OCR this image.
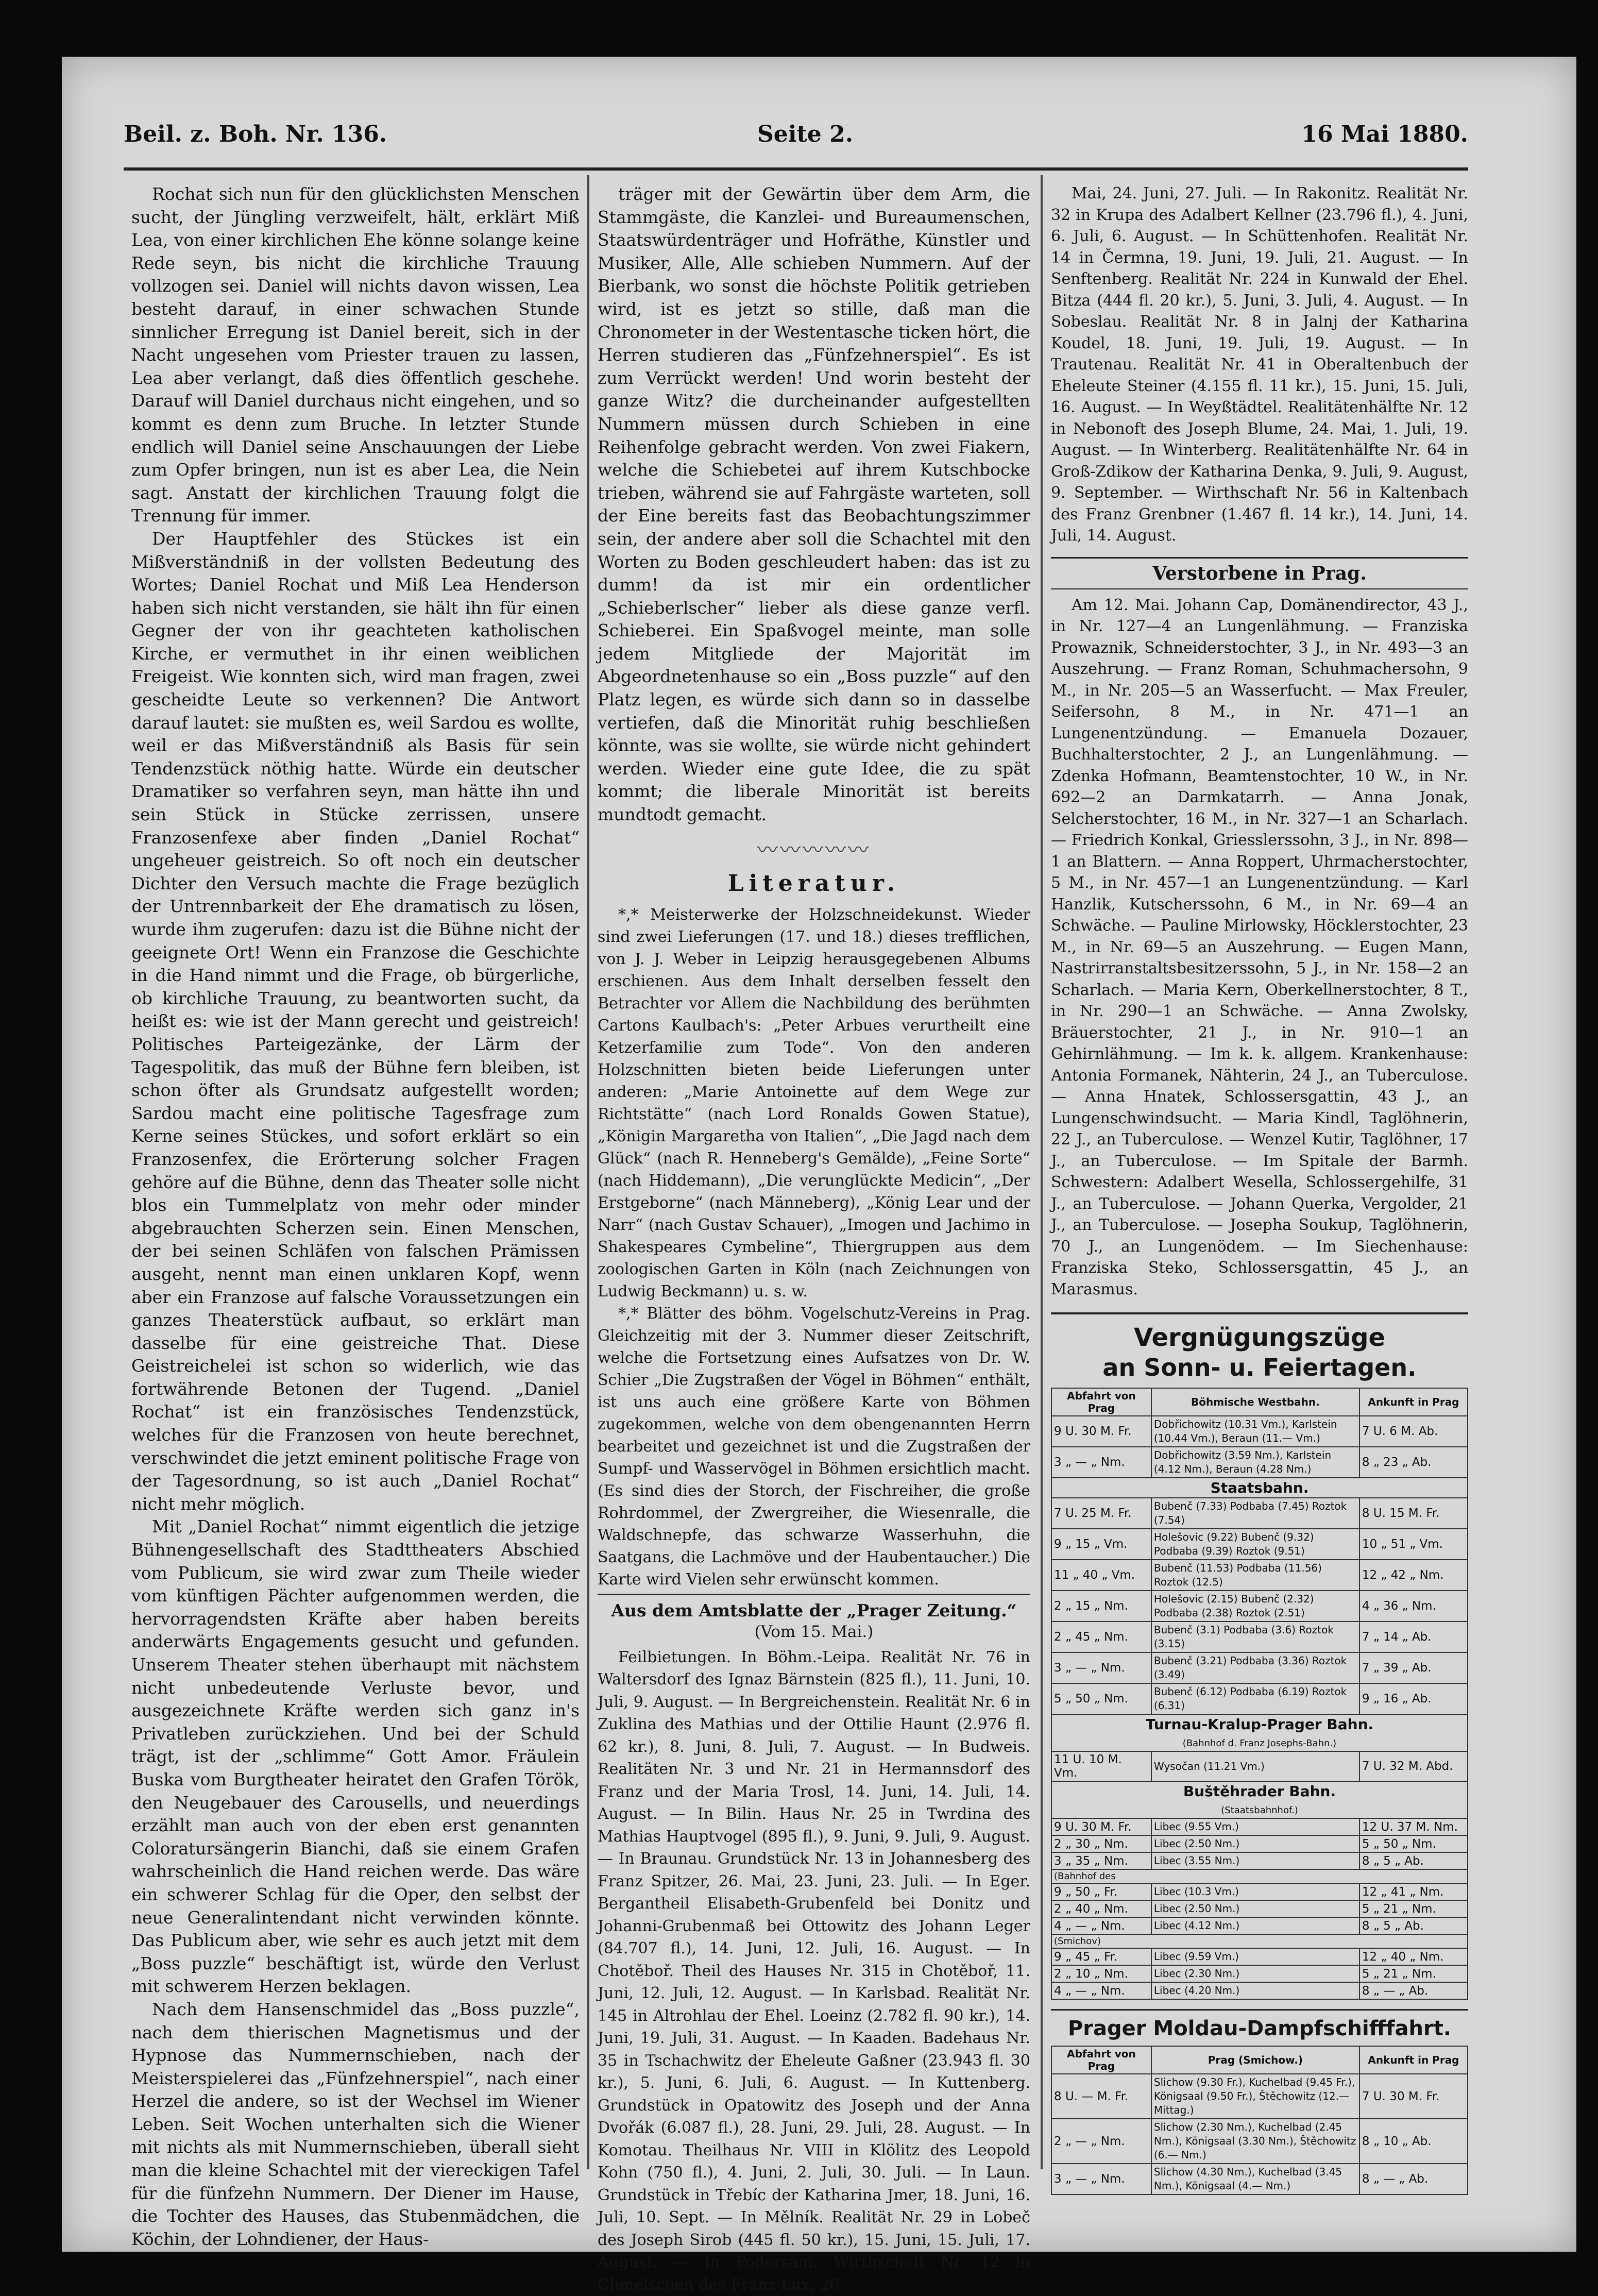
Beil. z. Boh. Nr. 136.	Seite 2.	16 Mai 1880.

Rochat sich nun für den glücklichsten Menschen sucht, der Jüngling verzweifelt, hält, erklärt Miß Lea, von einer kirchlichen Ehe könne solange keine Rede seyn, bis nicht die kirchliche Trauung vollzogen sei. Daniel will nichts davon wissen, Lea besteht darauf, in einer schwachen Stunde sinnlicher Erregung ist Daniel bereit, sich in der Nacht ungesehen vom Priester trauen zu lassen, Lea aber verlangt, daß dies öffentlich geschehe. Darauf will Daniel durchaus nicht eingehen, und so kommt es denn zum Bruche. In letzter Stunde endlich will Daniel seine Anschauungen der Liebe zum Opfer bringen, nun ist es aber Lea, die Nein sagt. Anstatt der kirchlichen Trauung folgt die Trennung für immer.

Der Hauptfehler des Stückes ist ein Mißverständniß in der vollsten Bedeutung des Wortes; Daniel Rochat und Miß Lea Henderson haben sich nicht verstanden, sie hält ihn für einen Gegner der von ihr geachteten katholischen Kirche, er vermuthet in ihr einen weiblichen Freigeist. Wie konnten sich, wird man fragen, zwei gescheidte Leute so verkennen? Die Antwort darauf lautet: sie mußten es, weil Sardou es wollte, weil er das Mißverständniß als Basis für sein Tendenzstück nöthig hatte. Würde ein deutscher Dramatiker so verfahren seyn, man hätte ihn und sein Stück in Stücke zerrissen, unsere Franzosenfexe aber finden „Daniel Rochat“ ungeheuer geistreich. So oft noch ein deutscher Dichter den Versuch machte die Frage bezüglich der Untrennbarkeit der Ehe dramatisch zu lösen, wurde ihm zugerufen: dazu ist die Bühne nicht der geeignete Ort! Wenn ein Franzose die Geschichte in die Hand nimmt und die Frage, ob bürgerliche, ob kirchliche Trauung, zu beantworten sucht, da heißt es: wie ist der Mann gerecht und geistreich! Politisches Parteigezänke, der Lärm der Tagespolitik, das muß der Bühne fern bleiben, ist schon öfter als Grundsatz aufgestellt worden; Sardou macht eine politische Tagesfrage zum Kerne seines Stückes, und sofort erklärt so ein Franzosenfex, die Erörterung solcher Fragen gehöre auf die Bühne, denn das Theater solle nicht blos ein Tummelplatz von mehr oder minder abgebrauchten Scherzen sein. Einen Menschen, der bei seinen Schläfen von falschen Prämissen ausgeht, nennt man einen unklaren Kopf, wenn aber ein Franzose auf falsche Voraussetzungen ein ganzes Theaterstück aufbaut, so erklärt man dasselbe für eine geistreiche That. Diese Geistreichelei ist schon so widerlich, wie das fortwährende Betonen der Tugend. „Daniel Rochat“ ist ein französisches Tendenzstück, welches für die Franzosen von heute berechnet, verschwindet die jetzt eminent politische Frage von der Tagesordnung, so ist auch „Daniel Rochat“ nicht mehr möglich.

Mit „Daniel Rochat“ nimmt eigentlich die jetzige Bühnengesellschaft des Stadttheaters Abschied vom Publicum, sie wird zwar zum Theile wieder vom künftigen Pächter aufgenommen werden, die hervorragendsten Kräfte aber haben bereits anderwärts Engagements gesucht und gefunden. Unserem Theater stehen überhaupt mit nächstem nicht unbedeutende Verluste bevor, und ausgezeichnete Kräfte werden sich ganz in's Privatleben zurückziehen. Und bei der Schuld trägt, ist der „schlimme“ Gott Amor. Fräulein Buska vom Burgtheater heiratet den Grafen Török, den Neugebauer des Carousells, und neuerdings erzählt man auch von der eben erst genannten Coloratursängerin Bianchi, daß sie einem Grafen wahrscheinlich die Hand reichen werde. Das wäre ein schwerer Schlag für die Oper, den selbst der neue Generalintendant nicht verwinden könnte. Das Publicum aber, wie sehr es auch jetzt mit dem „Boss puzzle“ beschäftigt ist, würde den Verlust mit schwerem Herzen beklagen.

Nach dem Hansenschmidel das „Boss puzzle“, nach dem thierischen Magnetismus und der Hypnose das Nummernschieben, nach der Meisterspielerei das „Fünfzehnerspiel“, nach einer Herzel die andere, so ist der Wechsel im Wiener Leben. Seit Wochen unterhalten sich die Wiener mit nichts als mit Nummernschieben, überall sieht man die kleine Schachtel mit der viereckigen Tafel für die fünfzehn Nummern. Der Diener im Hause, die Tochter des Hauses, das Stubenmädchen, die Köchin, der Lohndiener, der Haus-

träger mit der Gewärtin über dem Arm, die Stammgäste, die Kanzlei- und Bureaumenschen, Staatswürdenträger und Hofräthe, Künstler und Musiker, Alle, Alle schieben Nummern. Auf der Bierbank, wo sonst die höchste Politik getrieben wird, ist es jetzt so stille, daß man die Chronometer in der Westentasche ticken hört, die Herren studieren das „Fünfzehnerspiel“. Es ist zum Verrückt werden! Und worin besteht der ganze Witz? die durcheinander aufgestellten Nummern müssen durch Schieben in eine Reihenfolge gebracht werden. Von zwei Fiakern, welche die Schiebetei auf ihrem Kutschbocke trieben, während sie auf Fahrgäste warteten, soll der Eine bereits fast das Beobachtungszimmer sein, der andere aber soll die Schachtel mit den Worten zu Boden geschleudert haben: das ist zu dumm! da ist mir ein ordentlicher „Schieberlscher“ lieber als diese ganze verfl. Schieberei. Ein Spaßvogel meinte, man solle jedem Mitgliede der Majorität im Abgeordnetenhause so ein „Boss puzzle“ auf den Platz legen, es würde sich dann so in dasselbe vertiefen, daß die Minorität ruhig beschließen könnte, was sie wollte, sie würde nicht gehindert werden. Wieder eine gute Idee, die zu spät kommt; die liberale Minorität ist bereits mundtodt gemacht.

〰〰〰〰〰
Literatur.

*,* Meisterwerke der Holzschneidekunst. Wieder sind zwei Lieferungen (17. und 18.) dieses trefflichen, von J. J. Weber in Leipzig herausgegebenen Albums erschienen. Aus dem Inhalt derselben fesselt den Betrachter vor Allem die Nachbildung des berühmten Cartons Kaulbach's: „Peter Arbues verurtheilt eine Ketzerfamilie zum Tode“. Von den anderen Holzschnitten bieten beide Lieferungen unter anderen: „Marie Antoinette auf dem Wege zur Richtstätte“ (nach Lord Ronalds Gowen Statue), „Königin Margaretha von Italien“, „Die Jagd nach dem Glück“ (nach R. Henneberg's Gemälde), „Feine Sorte“ (nach Hiddemann), „Die verunglückte Medicin“, „Der Erstgeborne“ (nach Männeberg), „König Lear und der Narr“ (nach Gustav Schauer), „Imogen und Jachimo in Shakespeares Cymbeline“, Thiergruppen aus dem zoologischen Garten in Köln (nach Zeichnungen von Ludwig Beckmann) u. s. w.

*,* Blätter des böhm. Vogelschutz-Vereins in Prag. Gleichzeitig mit der 3. Nummer dieser Zeitschrift, welche die Fortsetzung eines Aufsatzes von Dr. W. Schier „Die Zugstraßen der Vögel in Böhmen“ enthält, ist uns auch eine größere Karte von Böhmen zugekommen, welche von dem obengenannten Herrn bearbeitet und gezeichnet ist und die Zugstraßen der Sumpf- und Wasservögel in Böhmen ersichtlich macht. (Es sind dies der Storch, der Fischreiher, die große Rohrdommel, der Zwergreiher, die Wiesenralle, die Waldschnepfe, das schwarze Wasserhuhn, die Saatgans, die Lachmöve und der Haubentaucher.) Die Karte wird Vielen sehr erwünscht kommen.

Aus dem Amtsblatte der „Prager Zeitung.“
(Vom 15. Mai.)

Feilbietungen. In Böhm.-Leipa. Realität Nr. 76 in Waltersdorf des Ignaz Bärnstein (825 fl.), 11. Juni, 10. Juli, 9. August. — In Bergreichenstein. Realität Nr. 6 in Zuklina des Mathias und der Ottilie Haunt (2.976 fl. 62 kr.), 8. Juni, 8. Juli, 7. August. — In Budweis. Realitäten Nr. 3 und Nr. 21 in Hermannsdorf des Franz und der Maria Trosl, 14. Juni, 14. Juli, 14. August. — In Bilin. Haus Nr. 25 in Twrdina des Mathias Hauptvogel (895 fl.), 9. Juni, 9. Juli, 9. August. — In Braunau. Grundstück Nr. 13 in Johannesberg des Franz Spitzer, 26. Mai, 23. Juni, 23. Juli. — In Eger. Bergantheil Elisabeth-Grubenfeld bei Donitz und Johanni-Grubenmaß bei Ottowitz des Johann Leger (84.707 fl.), 14. Juni, 12. Juli, 16. August. — In Chotěboř. Theil des Hauses Nr. 315 in Chotěboř, 11. Juni, 12. Juli, 12. August. — In Karlsbad. Realität Nr. 145 in Altrohlau der Ehel. Loeinz (2.782 fl. 90 kr.), 14. Juni, 19. Juli, 31. August. — In Kaaden. Badehaus Nr. 35 in Tschachwitz der Eheleute Gaßner (23.943 fl. 30 kr.), 5. Juni, 6. Juli, 6. August. — In Kuttenberg. Grundstück in Opatowitz des Joseph und der Anna Dvořák (6.087 fl.), 28. Juni, 29. Juli, 28. August. — In Komotau. Theilhaus Nr. VIII in Klölitz des Leopold Kohn (750 fl.), 4. Juni, 2. Juli, 30. Juli. — In Laun. Grundstück in Třebíc der Katharina Jmer, 18. Juni, 16. Juli, 10. Sept. — In Mělník. Realität Nr. 29 in Lobeč des Joseph Sirob (445 fl. 50 kr.), 15. Juni, 15. Juli, 17. August. — In Podersam. Wirthschaft Nr. 12 in Chmelschen des Franz Lux, 26.

Mai, 24. Juni, 27. Juli. — In Rakonitz. Realität Nr. 32 in Krupa des Adalbert Kellner (23.796 fl.), 4. Juni, 6. Juli, 6. August. — In Schüttenhofen. Realität Nr. 14 in Čermna, 19. Juni, 19. Juli, 21. August. — In Senftenberg. Realität Nr. 224 in Kunwald der Ehel. Bitza (444 fl. 20 kr.), 5. Juni, 3. Juli, 4. August. — In Sobeslau. Realität Nr. 8 in Jalnj der Katharina Koudel, 18. Juni, 19. Juli, 19. August. — In Trautenau. Realität Nr. 41 in Oberaltenbuch der Eheleute Steiner (4.155 fl. 11 kr.), 15. Juni, 15. Juli, 16. August. — In Weyßtädtel. Realitätenhälfte Nr. 12 in Nebonoft des Joseph Blume, 24. Mai, 1. Juli, 19. August. — In Winterberg. Realitätenhälfte Nr. 64 in Groß-Zdikow der Katharina Denka, 9. Juli, 9. August, 9. September. — Wirthschaft Nr. 56 in Kaltenbach des Franz Grenbner (1.467 fl. 14 kr.), 14. Juni, 14. Juli, 14. August.

Verstorbene in Prag.

Am 12. Mai. Johann Cap, Domänendirector, 43 J., in Nr. 127—4 an Lungenlähmung. — Franziska Prowaznik, Schneiderstochter, 3 J., in Nr. 493—3 an Auszehrung. — Franz Roman, Schuhmachersohn, 9 M., in Nr. 205—5 an Wasserfucht. — Max Freuler, Seifersohn, 8 M., in Nr. 471—1 an Lungenentzündung. — Emanuela Dozauer, Buchhalterstochter, 2 J., an Lungenlähmung. — Zdenka Hofmann, Beamtenstochter, 10 W., in Nr. 692—2 an Darmkatarrh. — Anna Jonak, Selcherstochter, 16 M., in Nr. 327—1 an Scharlach. — Friedrich Konkal, Griesslerssohn, 3 J., in Nr. 898—1 an Blattern. — Anna Roppert, Uhrmacherstochter, 5 M., in Nr. 457—1 an Lungenentzündung. — Karl Hanzlik, Kutscherssohn, 6 M., in Nr. 69—4 an Schwäche. — Pauline Mirlowsky, Höcklerstochter, 23 M., in Nr. 69—5 an Auszehrung. — Eugen Mann, Nastrirranstaltsbesitzerssohn, 5 J., in Nr. 158—2 an Scharlach. — Maria Kern, Oberkellnerstochter, 8 T., in Nr. 290—1 an Schwäche. — Anna Zwolsky, Bräuerstochter, 21 J., in Nr. 910—1 an Gehirnlähmung. — Im k. k. allgem. Krankenhause: Antonia Formanek, Nähterin, 24 J., an Tuberculose. — Anna Hnatek, Schlossersgattin, 43 J., an Lungenschwindsucht. — Maria Kindl, Taglöhnerin, 22 J., an Tuberculose. — Wenzel Kutir, Taglöhner, 17 J., an Tuberculose. — Im Spitale der Barmh. Schwestern: Adalbert Wesella, Schlossergehilfe, 31 J., an Tuberculose. — Johann Querka, Vergolder, 21 J., an Tuberculose. — Josepha Soukup, Taglöhnerin, 70 J., an Lungenödem. — Im Siechenhause: Franziska Steko, Schlossersgattin, 45 J., an Marasmus.

Vergnügungszüge
an Sonn- u. Feiertagen.
Abfahrt von Prag	Böhmische Westbahn.	Ankunft in Prag
9 U. 30 M. Fr.	Dobřichowitz (10.31 Vm.), Karlstein (10.44 Vm.), Beraun (11.— Vm.)	7 U. 6 M. Ab.
3 „ — „ Nm.	Dobřichowitz (3.59 Nm.), Karlstein (4.12 Nm.), Beraun (4.28 Nm.)	8 „ 23 „ Ab.
Staatsbahn.		
7 U. 25 M. Fr.	Bubenč (7.33) Podbaba (7.45) Roztok (7.54)	8 U. 15 M. Fr.
9 „ 15 „ Vm.	Holešovic (9.22) Bubenč (9.32) Podbaba (9.39) Roztok (9.51)	10 „ 51 „ Vm.
11 „ 40 „ Vm.	Bubenč (11.53) Podbaba (11.56) Roztok (12.5)	12 „ 42 „ Nm.
2 „ 15 „ Nm.	Holešovic (2.15) Bubenč (2.32) Podbaba (2.38) Roztok (2.51)	4 „ 36 „ Nm.
2 „ 45 „ Nm.	Bubenč (3.1) Podbaba (3.6) Roztok (3.15)	7 „ 14 „ Ab.
3 „ — „ Nm.	Bubenč (3.21) Podbaba (3.36) Roztok (3.49)	7 „ 39 „ Ab.
5 „ 50 „ Nm.	Bubenč (6.12) Podbaba (6.19) Roztok (6.31)	9 „ 16 „ Ab.
Turnau-Kralup-Prager Bahn.
(Bahnhof d. Franz Josephs-Bahn.)		
11 U. 10 M. Vm.	Wysočan (11.21 Vm.)	7 U. 32 M. Abd.
Buštěhrader Bahn.
(Staatsbahnhof.)		
9 U. 30 M. Fr.	Libec (9.55 Vm.)	12 U. 37 M. Nm.
2 „ 30 „ Nm.	Libec (2.50 Nm.)	5 „ 50 „ Nm.
3 „ 35 „ Nm.	Libec (3.55 Nm.)	8 „ 5 „ Ab.
(Bahnhof des		
9 „ 50 „ Fr.	Libec (10.3 Vm.)	12 „ 41 „ Nm.
2 „ 40 „ Nm.	Libec (2.50 Nm.)	5 „ 21 „ Nm.
4 „ — „ Nm.	Libec (4.12 Nm.)	8 „ 5 „ Ab.
(Smichov)		
9 „ 45 „ Fr.	Libec (9.59 Vm.)	12 „ 40 „ Nm.
2 „ 10 „ Nm.	Libec (2.30 Nm.)	5 „ 21 „ Nm.
4 „ — „ Nm.	Libec (4.20 Nm.)	8 „ — „ Ab.
Prager Moldau-Dampfschifffahrt.
Abfahrt von Prag	Prag (Smichow.)	Ankunft in Prag
8 U. — M. Fr.	Slichow (9.30 Fr.), Kuchelbad (9.45 Fr.), Königsaal (9.50 Fr.), Štěchowitz (12.— Mittag.)	7 U. 30 M. Fr.
2 „ — „ Nm.	Slichow (2.30 Nm.), Kuchelbad (2.45 Nm.), Königsaal (3.30 Nm.), Štěchowitz (6.— Nm.)	8 „ 10 „ Ab.
3 „ — „ Nm.	Slichow (4.30 Nm.), Kuchelbad (3.45 Nm.), Königsaal (4.— Nm.)	8 „ — „ Ab.
